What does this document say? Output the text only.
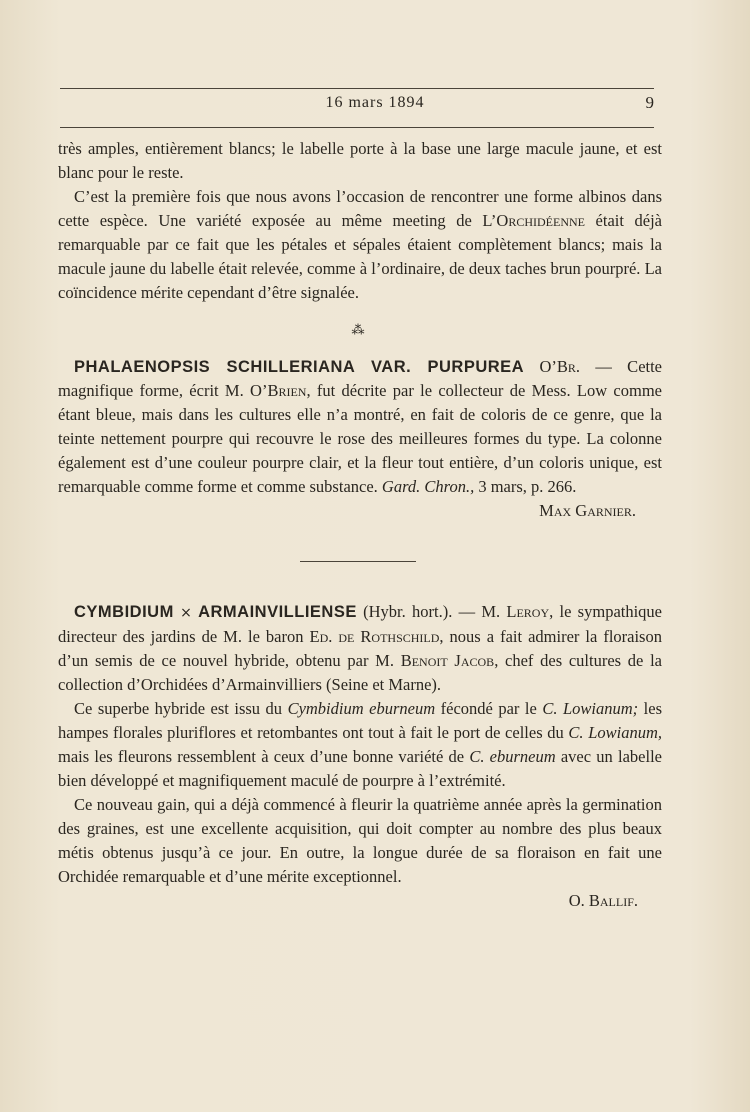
16 mars 1894	9

très amples, entièrement blancs; le labelle porte à la base une large macule jaune, et est blanc pour le reste.

C’est la première fois que nous avons l’occasion de rencontrer une forme albinos dans cette espèce. Une variété exposée au même meeting de L’Orchidéenne était déjà remarquable par ce fait que les pétales et sépales étaient complètement blancs; mais la macule jaune du labelle était relevée, comme à l’ordinaire, de deux taches brun pourpré. La coïncidence mérite cependant d’être signalée.

⁂

PHALAENOPSIS SCHILLERIANA VAR. PURPUREA O’Br. — Cette magnifique forme, écrit M. O’Brien, fut décrite par le collecteur de Mess. Low comme étant bleue, mais dans les cultures elle n’a montré, en fait de coloris de ce genre, que la teinte nettement pourpre qui recouvre le rose des meilleures formes du type. La colonne également est d’une couleur pourpre clair, et la fleur tout entière, d’un coloris unique, est remarquable comme forme et comme substance. Gard. Chron., 3 mars, p. 266.

Max Garnier.

CYMBIDIUM × ARMAINVILLIENSE (Hybr. hort.). — M. Leroy, le sympathique directeur des jardins de M. le baron Ed. de Rothschild, nous a fait admirer la floraison d’un semis de ce nouvel hybride, obtenu par M. Benoit Jacob, chef des cultures de la collection d’Orchidées d’Armainvilliers (Seine et Marne).

Ce superbe hybride est issu du Cymbidium eburneum fécondé par le C. Lowianum; les hampes florales pluriflores et retombantes ont tout à fait le port de celles du C. Lowianum, mais les fleurons ressemblent à ceux d’une bonne variété de C. eburneum avec un labelle bien développé et magnifiquement maculé de pourpre à l’extrémité.

Ce nouveau gain, qui a déjà commencé à fleurir la quatrième année après la germination des graines, est une excellente acquisition, qui doit compter au nombre des plus beaux métis obtenus jusqu’à ce jour. En outre, la longue durée de sa floraison en fait une Orchidée remarquable et d’une mérite exceptionnel.

O. Ballif.
